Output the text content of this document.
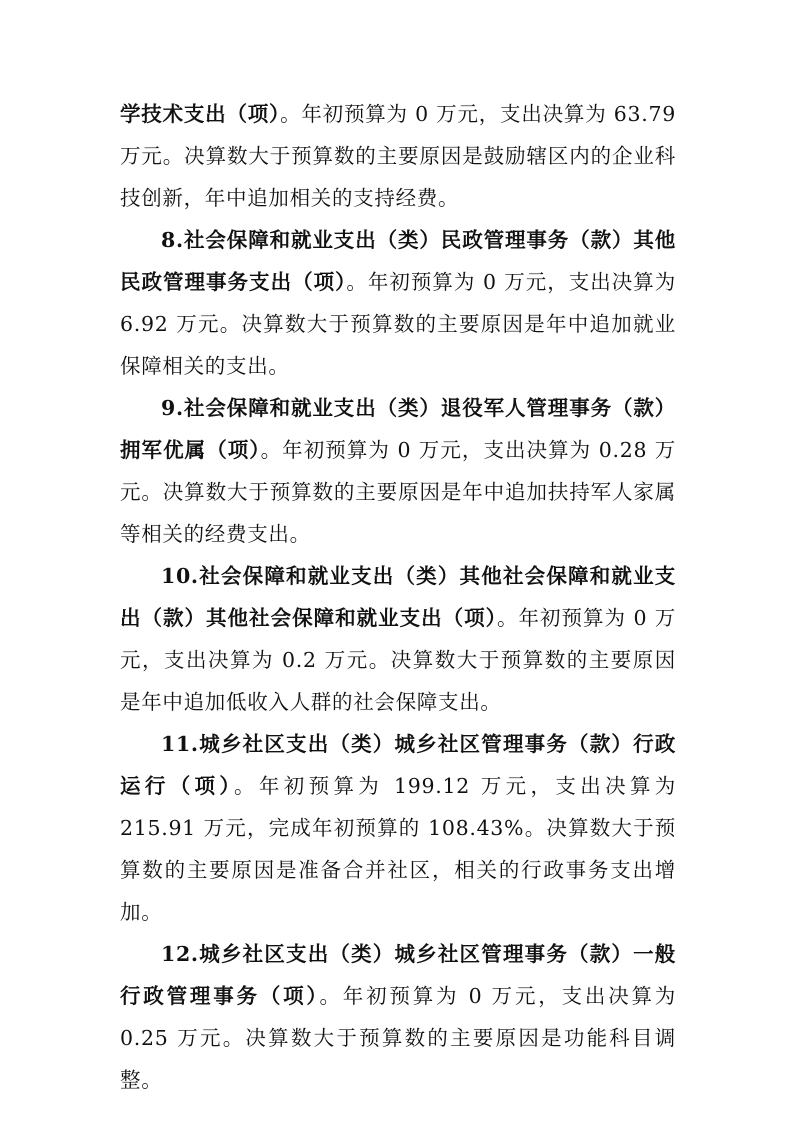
学技术支出（项）。年初预算为 0 万元，支出决算为 63.79 万元。决算数大于预算数的主要原因是鼓励辖区内的企业科技创新，年中追加相关的支持经费。

8.社会保障和就业支出（类）民政管理事务（款）其他民政管理事务支出（项）。年初预算为 0 万元，支出决算为 6.92 万元。决算数大于预算数的主要原因是年中追加就业保障相关的支出。

9.社会保障和就业支出（类）退役军人管理事务（款）拥军优属（项）。年初预算为 0 万元，支出决算为 0.28 万元。决算数大于预算数的主要原因是年中追加扶持军人家属等相关的经费支出。

10.社会保障和就业支出（类）其他社会保障和就业支出（款）其他社会保障和就业支出（项）。年初预算为 0 万元，支出决算为 0.2 万元。决算数大于预算数的主要原因是年中追加低收入人群的社会保障支出。

11.城乡社区支出（类）城乡社区管理事务（款）行政运行（项）。年初预算为 199.12 万元，支出决算为 215.91 万元，完成年初预算的 108.43%。决算数大于预算数的主要原因是准备合并社区，相关的行政事务支出增加。

12.城乡社区支出（类）城乡社区管理事务（款）一般行政管理事务（项）。年初预算为 0 万元，支出决算为 0.25 万元。决算数大于预算数的主要原因是功能科目调整。
